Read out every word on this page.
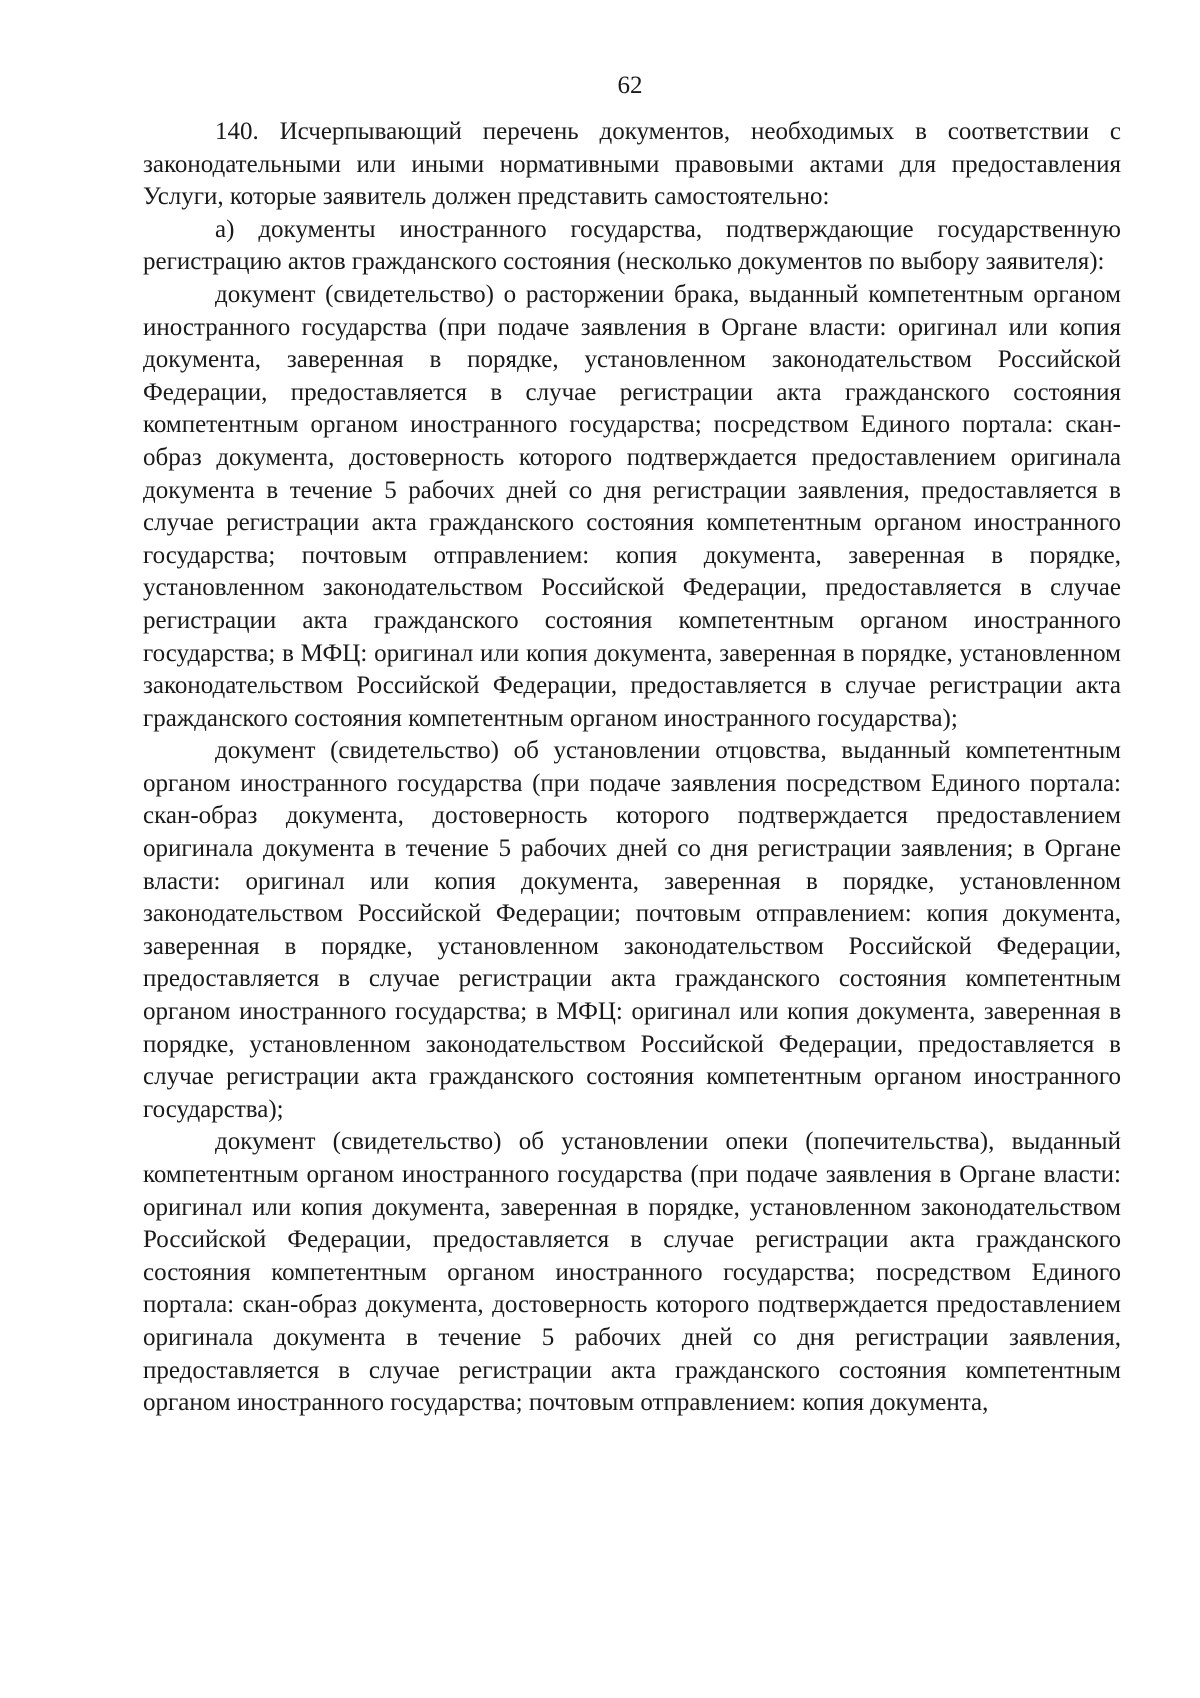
62

140. Исчерпывающий перечень документов, необходимых в соответствии с законодательными или иными нормативными правовыми актами для предоставления Услуги, которые заявитель должен представить самостоятельно:

а) документы иностранного государства, подтверждающие государственную регистрацию актов гражданского состояния (несколько документов по выбору заявителя):

документ (свидетельство) о расторжении брака, выданный компетентным органом иностранного государства (при подаче заявления в Органе власти: оригинал или копия документа, заверенная в порядке, установленном законодательством Российской Федерации, предоставляется в случае регистрации акта гражданского состояния компетентным органом иностранного государства; посредством Единого портала: скан-образ документа, достоверность которого подтверждается предоставлением оригинала документа в течение 5 рабочих дней со дня регистрации заявления, предоставляется в случае регистрации акта гражданского состояния компетентным органом иностранного государства; почтовым отправлением: копия документа, заверенная в порядке, установленном законодательством Российской Федерации, предоставляется в случае регистрации акта гражданского состояния компетентным органом иностранного государства; в МФЦ: оригинал или копия документа, заверенная в порядке, установленном законодательством Российской Федерации, предоставляется в случае регистрации акта гражданского состояния компетентным органом иностранного государства);

документ (свидетельство) об установлении отцовства, выданный компетентным органом иностранного государства (при подаче заявления посредством Единого портала: скан-образ документа, достоверность которого подтверждается предоставлением оригинала документа в течение 5 рабочих дней со дня регистрации заявления; в Органе власти: оригинал или копия документа, заверенная в порядке, установленном законодательством Российской Федерации; почтовым отправлением: копия документа, заверенная в порядке, установленном законодательством Российской Федерации, предоставляется в случае регистрации акта гражданского состояния компетентным органом иностранного государства; в МФЦ: оригинал или копия документа, заверенная в порядке, установленном законодательством Российской Федерации, предоставляется в случае регистрации акта гражданского состояния компетентным органом иностранного государства);

документ (свидетельство) об установлении опеки (попечительства), выданный компетентным органом иностранного государства (при подаче заявления в Органе власти: оригинал или копия документа, заверенная в порядке, установленном законодательством Российской Федерации, предоставляется в случае регистрации акта гражданского состояния компетентным органом иностранного государства; посредством Единого портала: скан-образ документа, достоверность которого подтверждается предоставлением оригинала документа в течение 5 рабочих дней со дня регистрации заявления, предоставляется в случае регистрации акта гражданского состояния компетентным органом иностранного государства; почтовым отправлением: копия документа,
